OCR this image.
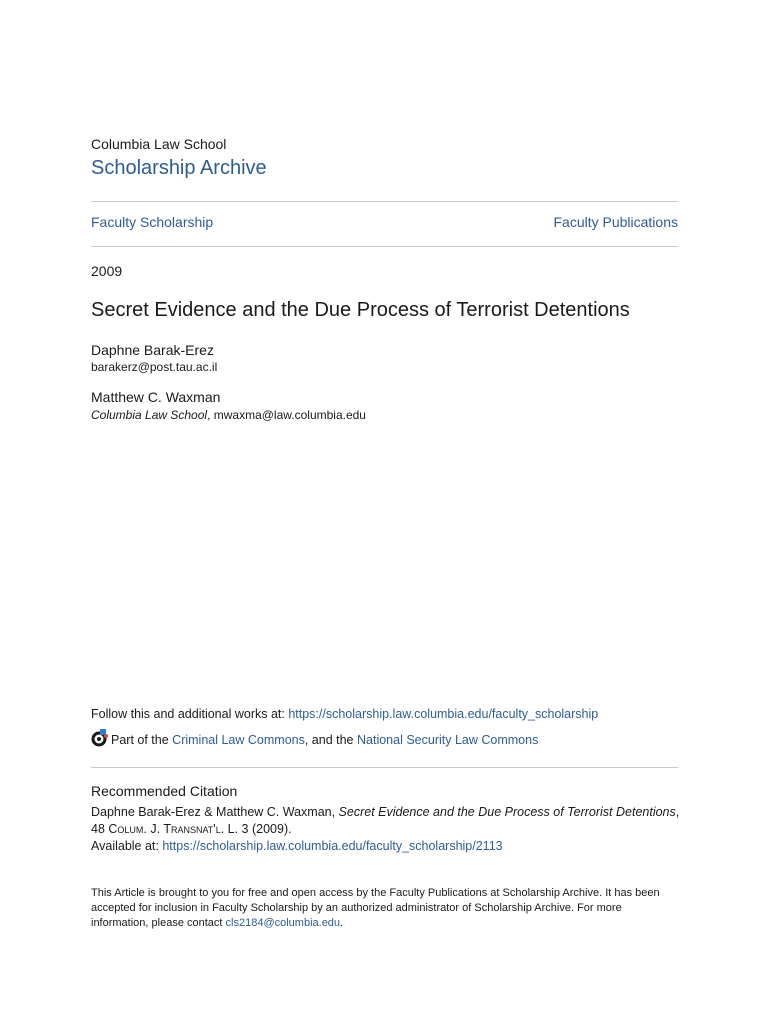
Columbia Law School
Scholarship Archive
Faculty Scholarship	Faculty Publications
2009
Secret Evidence and the Due Process of Terrorist Detentions
Daphne Barak-Erez
barakerz@post.tau.ac.il
Matthew C. Waxman
Columbia Law School, mwaxma@law.columbia.edu
Follow this and additional works at: https://scholarship.law.columbia.edu/faculty_scholarship
Part of the
Criminal Law Commons , and the
National Security Law Commons
Recommended Citation
Daphne Barak-Erez & Matthew C. Waxman, Secret Evidence and the Due Process of Terrorist Detentions,
48 Colum. J. Transnat'l. L. 3 (2009).
Available at: https://scholarship.law.columbia.edu/faculty_scholarship/2113
This Article is brought to you for free and open access by the Faculty Publications at Scholarship Archive. It has been accepted for inclusion in Faculty Scholarship by an authorized administrator of Scholarship Archive. For more information, please contact cls2184@columbia.edu.
